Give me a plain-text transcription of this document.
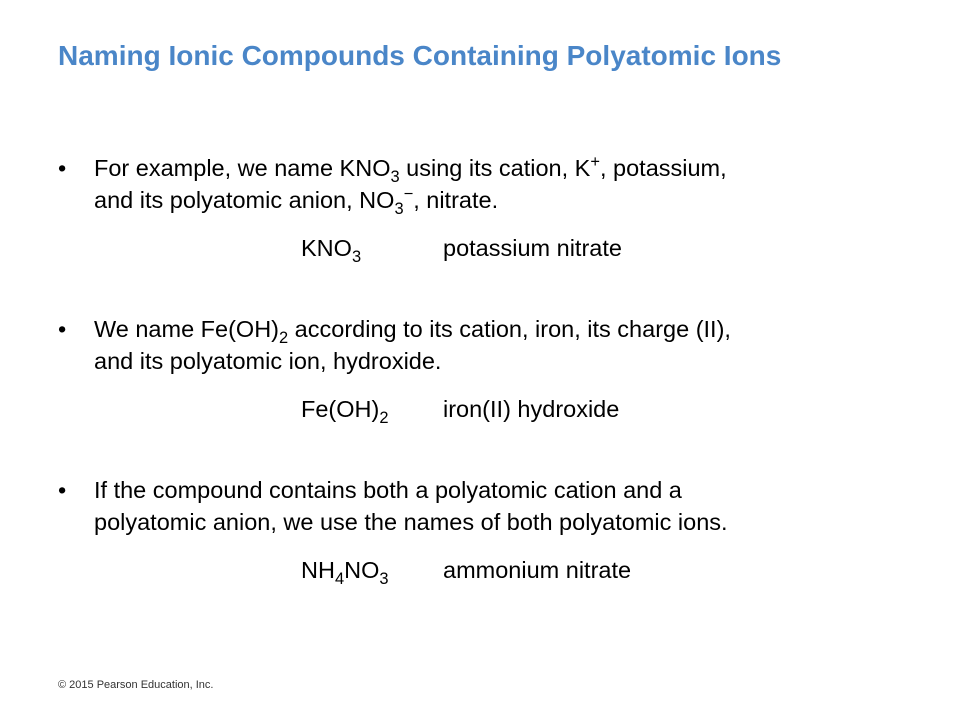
Naming Ionic Compounds Containing Polyatomic Ions
• For example, we name $KNO_3$ using its cation, K+, potassium,
and its polyatomic anion, $NO_3^-$, nitrate.
$KNO_3$	potassium nitrate
• We name $Fe(OH)_2$ according to its cation, iron, its charge (II),
and its polyatomic ion, hydroxide.
$Fe(OH)_2$ iron(II) hydroxide
• If the compound contains both a polyatomic cation and a
polyatomic anion, we use the names of both polyatomic ions.
$NH_4NO_3$ ammonium nitrate
© 2015 Pearson Education, Inc.
